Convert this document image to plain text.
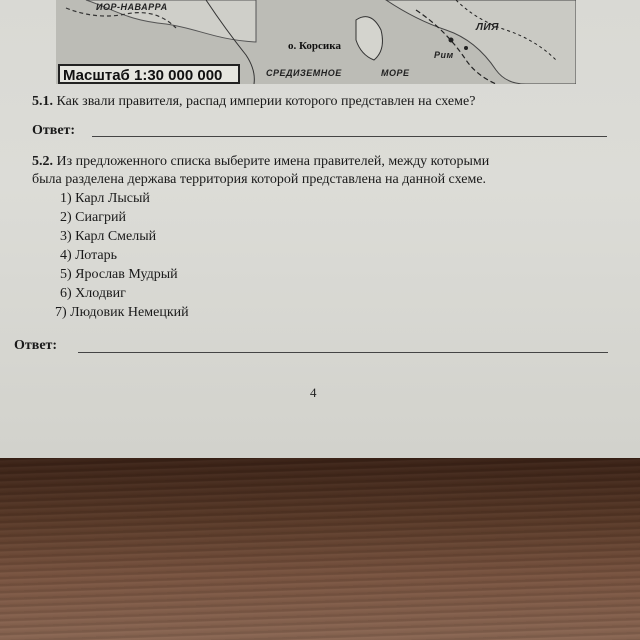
ИОР-НАВАРРА
СРЕДИЗЕМНОЕ	МОРЕ
Рим
ЛИЯ
о. Корсика
Масштаб 1:30 000 000
5.1. Как звали правителя, распад империи которого представлен на схеме?
Ответ:
5.2. Из предложенного списка выберите имена правителей, между которыми
была разделена держава территория которой представлена на данной схеме.
1) Карл Лысый
2) Сиагрий
3) Карл Смелый
4) Лотарь
5) Ярослав Мудрый
6) Хлодвиг
7) Людовик Немецкий
Ответ:
4
